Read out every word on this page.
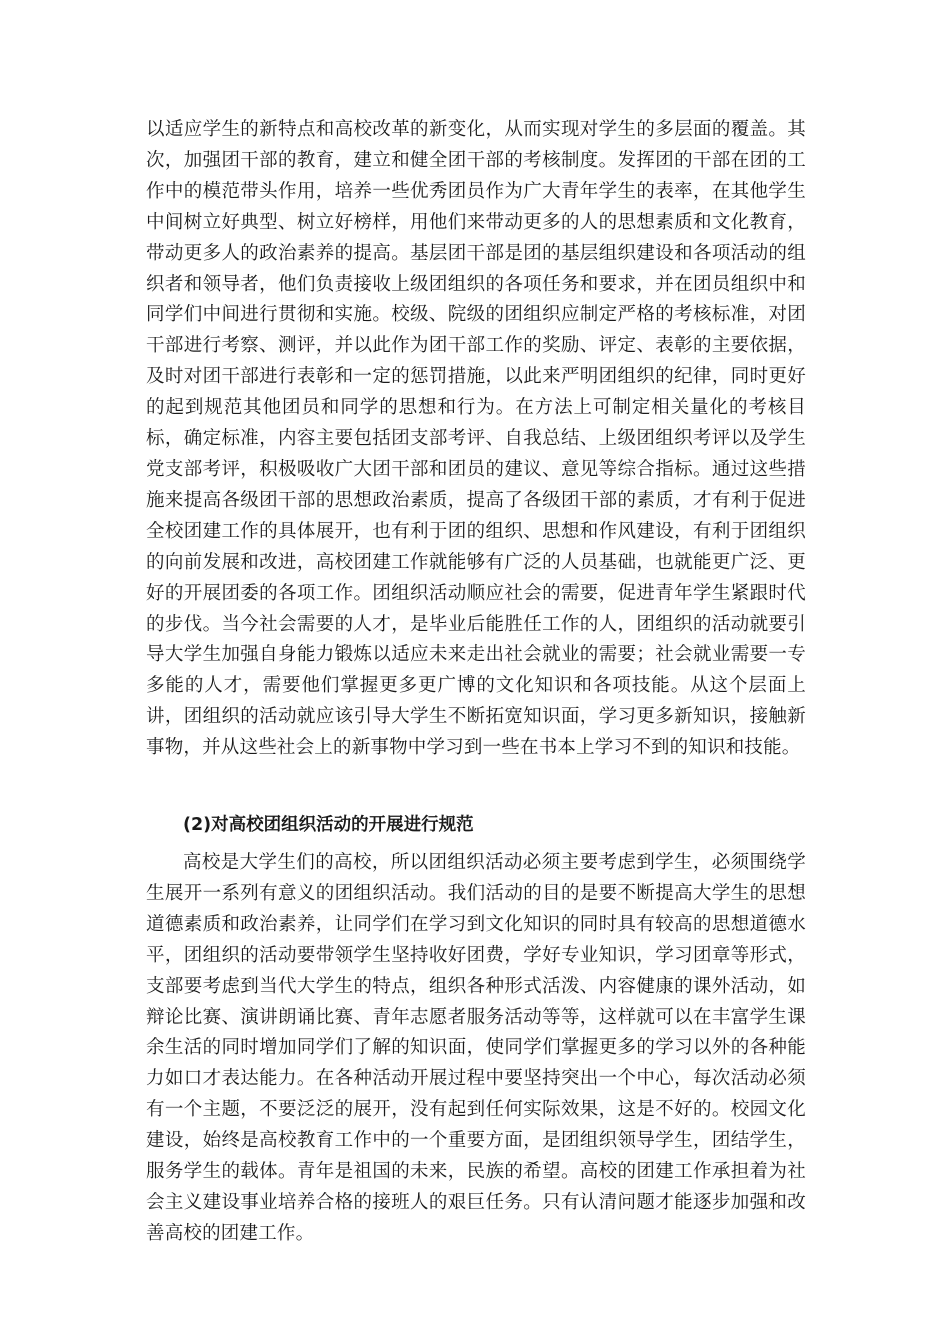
以适应学生的新特点和高校改革的新变化，从而实现对学生的多层面的覆盖。其次，加强团干部的教育，建立和健全团干部的考核制度。发挥团的干部在团的工作中的模范带头作用，培养一些优秀团员作为广大青年学生的表率，在其他学生中间树立好典型、树立好榜样，用他们来带动更多的人的思想素质和文化教育，带动更多人的政治素养的提高。基层团干部是团的基层组织建设和各项活动的组织者和领导者，他们负责接收上级团组织的各项任务和要求，并在团员组织中和同学们中间进行贯彻和实施。校级、院级的团组织应制定严格的考核标准，对团干部进行考察、测评，并以此作为团干部工作的奖励、评定、表彰的主要依据，及时对团干部进行表彰和一定的惩罚措施，以此来严明团组织的纪律，同时更好的起到规范其他团员和同学的思想和行为。在方法上可制定相关量化的考核目标，确定标准，内容主要包括团支部考评、自我总结、上级团组织考评以及学生党支部考评，积极吸收广大团干部和团员的建议、意见等综合指标。通过这些措施来提高各级团干部的思想政治素质，提高了各级团干部的素质，才有利于促进全校团建工作的具体展开，也有利于团的组织、思想和作风建设，有利于团组织的向前发展和改进，高校团建工作就能够有广泛的人员基础，也就能更广泛、更好的开展团委的各项工作。团组织活动顺应社会的需要，促进青年学生紧跟时代的步伐。当今社会需要的人才，是毕业后能胜任工作的人，团组织的活动就要引导大学生加强自身能力锻炼以适应未来走出社会就业的需要；社会就业需要一专多能的人才，需要他们掌握更多更广博的文化知识和各项技能。从这个层面上讲，团组织的活动就应该引导大学生不断拓宽知识面，学习更多新知识，接触新事物，并从这些社会上的新事物中学习到一些在书本上学习不到的知识和技能。

(2)对高校团组织活动的开展进行规范

高校是大学生们的高校，所以团组织活动必须主要考虑到学生，必须围绕学生展开一系列有意义的团组织活动。我们活动的目的是要不断提高大学生的思想道德素质和政治素养，让同学们在学习到文化知识的同时具有较高的思想道德水平，团组织的活动要带领学生坚持收好团费，学好专业知识，学习团章等形式，支部要考虑到当代大学生的特点，组织各种形式活泼、内容健康的课外活动，如辩论比赛、演讲朗诵比赛、青年志愿者服务活动等等，这样就可以在丰富学生课余生活的同时增加同学们了解的知识面，使同学们掌握更多的学习以外的各种能力如口才表达能力。在各种活动开展过程中要坚持突出一个中心，每次活动必须有一个主题，不要泛泛的展开，没有起到任何实际效果，这是不好的。校园文化建设，始终是高校教育工作中的一个重要方面，是团组织领导学生，团结学生，服务学生的载体。青年是祖国的未来，民族的希望。高校的团建工作承担着为社会主义建设事业培养合格的接班人的艰巨任务。只有认清问题才能逐步加强和改善高校的团建工作。
